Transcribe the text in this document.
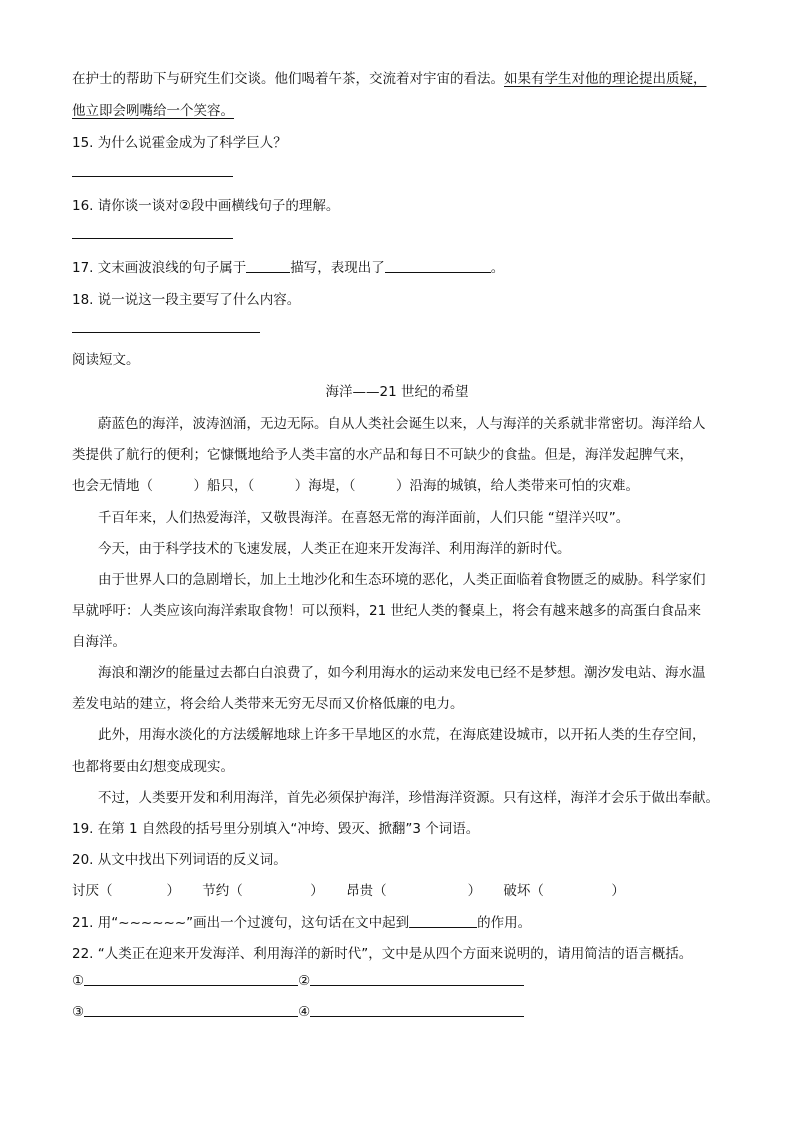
在护士的帮助下与研究生们交谈。他们喝着午茶，交流着对宇宙的看法。如果有学生对他的理论提出质疑，
他立即会咧嘴给一个笑容。
15. 为什么说霍金成为了科学巨人？
16. 请你谈一谈对②段中画横线句子的理解。
17. 文末画波浪线的句子属于	描写，表现出了	。
18. 说一说这一段主要写了什么内容。
阅读短文。
海洋——21 世纪的希望
蔚蓝色的海洋，波涛汹涌，无边无际。自从人类社会诞生以来，人与海洋的关系就非常密切。海洋给人
类提供了航行的便利；它慷慨地给予人类丰富的水产品和每日不可缺少的食盐。但是，海洋发起脾气来，
也会无情地（　　　）船只，（　　　）海堤，（　　　）沿海的城镇，给人类带来可怕的灾难。
千百年来，人们热爱海洋，又敬畏海洋。在喜怒无常的海洋面前，人们只能 “望洋兴叹”。
今天，由于科学技术的飞速发展，人类正在迎来开发海洋、利用海洋的新时代。
由于世界人口的急剧增长，加上土地沙化和生态环境的恶化，人类正面临着食物匮乏的威胁。科学家们
早就呼吁：人类应该向海洋索取食物！可以预料，21 世纪人类的餐桌上，将会有越来越多的高蛋白食品来
自海洋。
海浪和潮汐的能量过去都白白浪费了，如今利用海水的运动来发电已经不是梦想。潮汐发电站、海水温
差发电站的建立，将会给人类带来无穷无尽而又价格低廉的电力。
此外，用海水淡化的方法缓解地球上许多干旱地区的水荒，在海底建设城市，以开拓人类的生存空间，
也都将要由幻想变成现实。
不过，人类要开发和利用海洋，首先必须保护海洋，珍惜海洋资源。只有这样，海洋才会乐于做出奉献。
19. 在第 1 自然段的括号里分别填入“冲垮、毁灭、掀翻”3 个词语。
20. 从文中找出下列词语的反义词。
讨厌（　　　　） 节约（　　　　　） 昂贵（　　　　　　） 破坏（　　　　　）
21. 用“~~~~~~”画出一个过渡句，这句话在文中起到	的作用。
22. “人类正在迎来开发海洋、利用海洋的新时代”，文中是从四个方面来说明的，请用简洁的语言概括。
①	②
③	④
